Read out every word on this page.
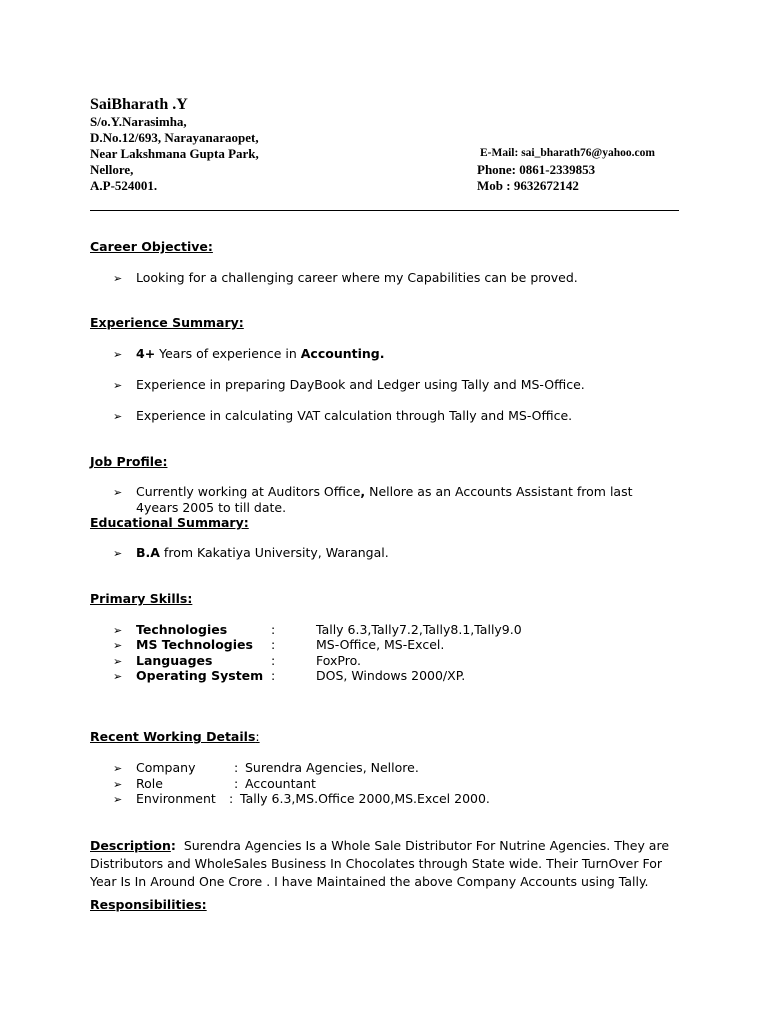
SaiBharath .Y
S/o.Y.Narasimha,
D.No.12/693, Narayanaraopet,
Near Lakshmana Gupta Park,
Nellore,
A.P-524001.
E-Mail: sai_bharath76@yahoo.com
Phone: 0861-2339853
Mob : 9632672142
Career Objective:
➢ Looking for a challenging career where my Capabilities can be proved.
Experience Summary:
➢ 4+ Years of experience in Accounting.
➢ Experience in preparing DayBook and Ledger using Tally and MS-Office.
➢ Experience in calculating VAT calculation through Tally and MS-Office.
Job Profile:
➢ Currently working at Auditors Office, Nellore as an Accounts Assistant from last
4years 2005 to till date.
Educational Summary:
➢ B.A from Kakatiya University, Warangal.
Primary Skills:
➢ Technologies	:	Tally 6.3,Tally7.2,Tally8.1,Tally9.0
➢ MS Technologies :	MS-Office, MS-Excel.
➢ Languages	:	FoxPro.
➢ Operating System :	DOS, Windows 2000/XP.
Recent Working Details:
➢ Company	: Surendra Agencies, Nellore.
➢ Role	: Accountant
➢ Environment : Tally 6.3,MS.Office 2000,MS.Excel 2000.
Description: Surendra Agencies Is a Whole Sale Distributor For Nutrine Agencies. They are
Distributors and WholeSales Business In Chocolates through State wide. Their TurnOver For
Year Is In Around One Crore . I have Maintained the above Company Accounts using Tally.
Responsibilities:
